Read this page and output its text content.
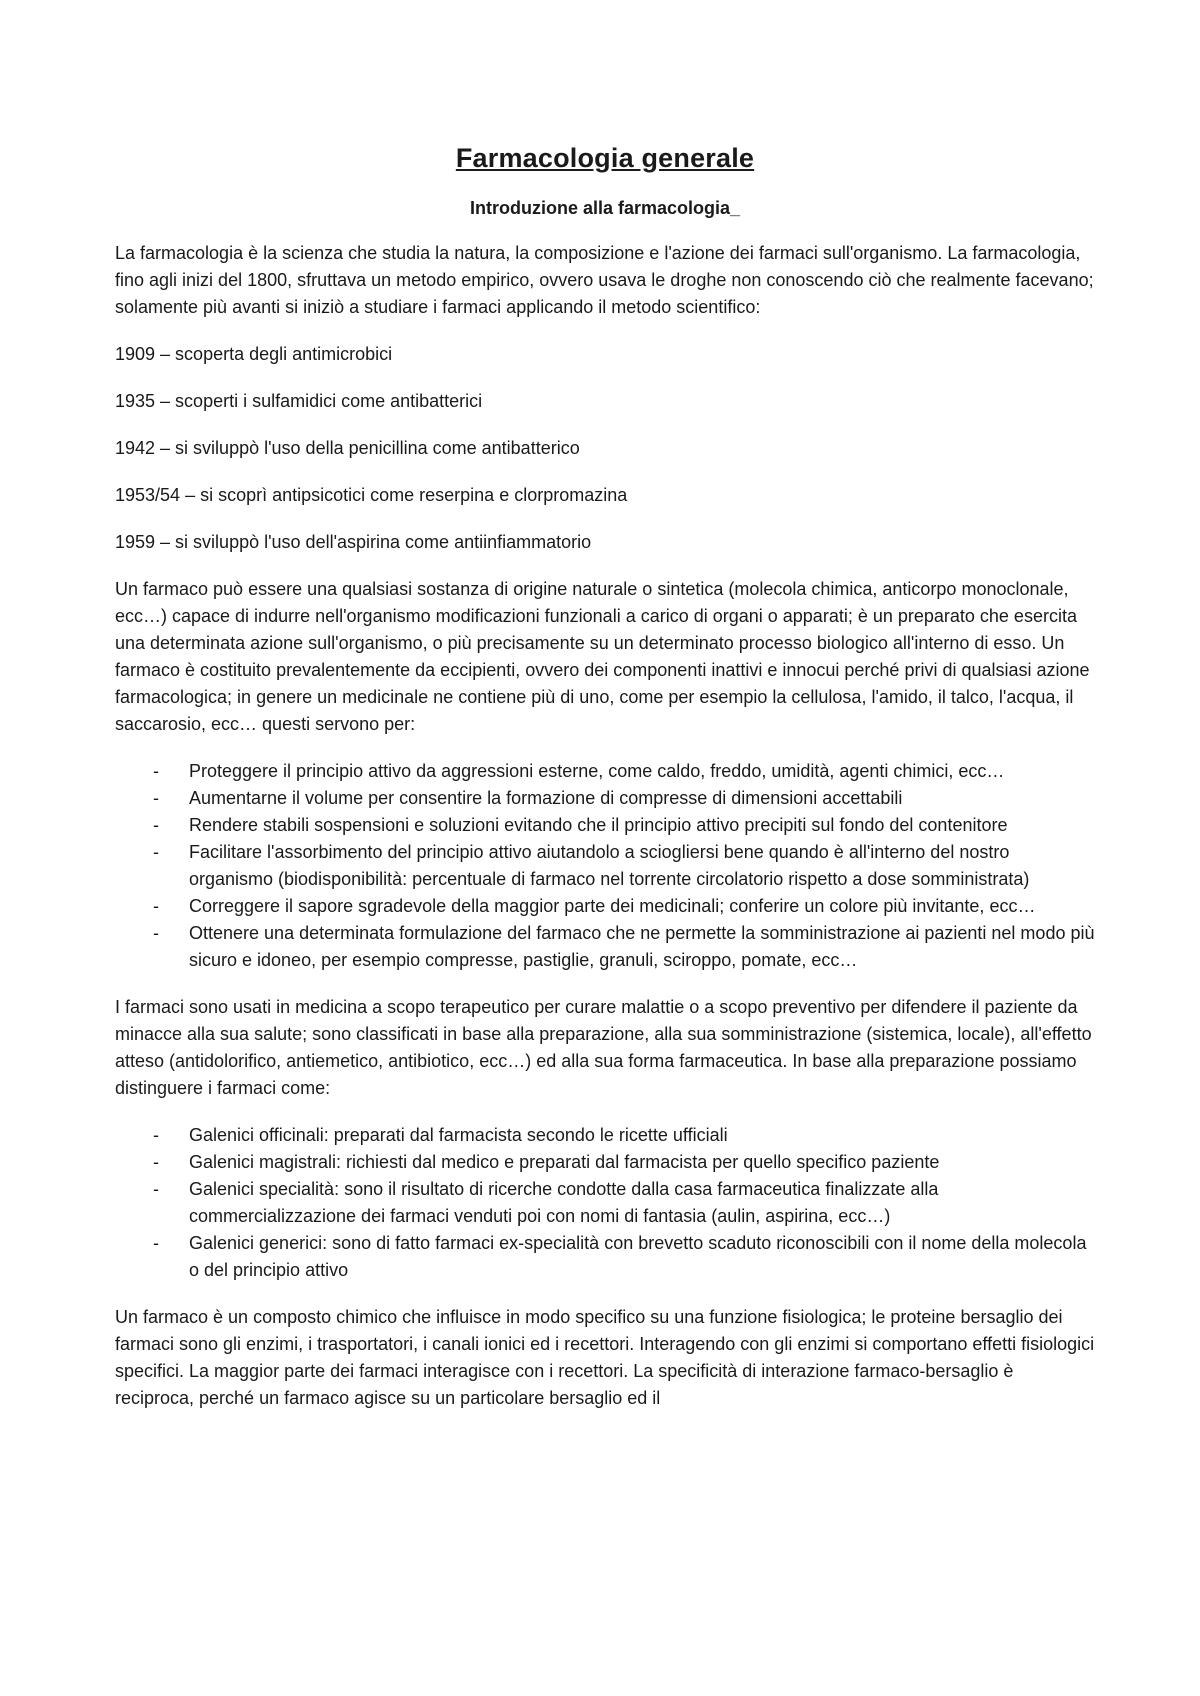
Farmacologia generale
Introduzione alla farmacologia_

La farmacologia è la scienza che studia la natura, la composizione e l'azione dei farmaci sull'organismo. La farmacologia, fino agli inizi del 1800, sfruttava un metodo empirico, ovvero usava le droghe non conoscendo ciò che realmente facevano; solamente più avanti si iniziò a studiare i farmaci applicando il metodo scientifico:

1909 – scoperta degli antimicrobici

1935 – scoperti i sulfamidici come antibatterici

1942 – si sviluppò l'uso della penicillina come antibatterico

1953/54 – si scoprì antipsicotici come reserpina e clorpromazina

1959 – si sviluppò l'uso dell'aspirina come antiinfiammatorio

Un farmaco può essere una qualsiasi sostanza di origine naturale o sintetica (molecola chimica, anticorpo monoclonale, ecc…) capace di indurre nell'organismo modificazioni funzionali a carico di organi o apparati; è un preparato che esercita una determinata azione sull'organismo, o più precisamente su un determinato processo biologico all'interno di esso. Un farmaco è costituito prevalentemente da eccipienti, ovvero dei componenti inattivi e innocui perché privi di qualsiasi azione farmacologica; in genere un medicinale ne contiene più di uno, come per esempio la cellulosa, l'amido, il talco, l'acqua, il saccarosio, ecc… questi servono per:

- Proteggere il principio attivo da aggressioni esterne, come caldo, freddo, umidità, agenti chimici, ecc…
- Aumentarne il volume per consentire la formazione di compresse di dimensioni accettabili
- Rendere stabili sospensioni e soluzioni evitando che il principio attivo precipiti sul fondo del contenitore
- Facilitare l'assorbimento del principio attivo aiutandolo a sciogliersi bene quando è all'interno del nostro organismo (biodisponibilità: percentuale di farmaco nel torrente circolatorio rispetto a dose somministrata)
- Correggere il sapore sgradevole della maggior parte dei medicinali; conferire un colore più invitante, ecc…
- Ottenere una determinata formulazione del farmaco che ne permette la somministrazione ai pazienti nel modo più sicuro e idoneo, per esempio compresse, pastiglie, granuli, sciroppo, pomate, ecc…

I farmaci sono usati in medicina a scopo terapeutico per curare malattie o a scopo preventivo per difendere il paziente da minacce alla sua salute; sono classificati in base alla preparazione, alla sua somministrazione (sistemica, locale), all'effetto atteso (antidolorifico, antiemetico, antibiotico, ecc…) ed alla sua forma farmaceutica. In base alla preparazione possiamo distinguere i farmaci come:

- Galenici officinali: preparati dal farmacista secondo le ricette ufficiali
- Galenici magistrali: richiesti dal medico e preparati dal farmacista per quello specifico paziente
- Galenici specialità: sono il risultato di ricerche condotte dalla casa farmaceutica finalizzate alla commercializzazione dei farmaci venduti poi con nomi di fantasia (aulin, aspirina, ecc…)
- Galenici generici: sono di fatto farmaci ex-specialità con brevetto scaduto riconoscibili con il nome della molecola o del principio attivo

Un farmaco è un composto chimico che influisce in modo specifico su una funzione fisiologica; le proteine bersaglio dei farmaci sono gli enzimi, i trasportatori, i canali ionici ed i recettori. Interagendo con gli enzimi si comportano effetti fisiologici specifici. La maggior parte dei farmaci interagisce con i recettori. La specificità di interazione farmaco-bersaglio è reciproca, perché un farmaco agisce su un particolare bersaglio ed il
